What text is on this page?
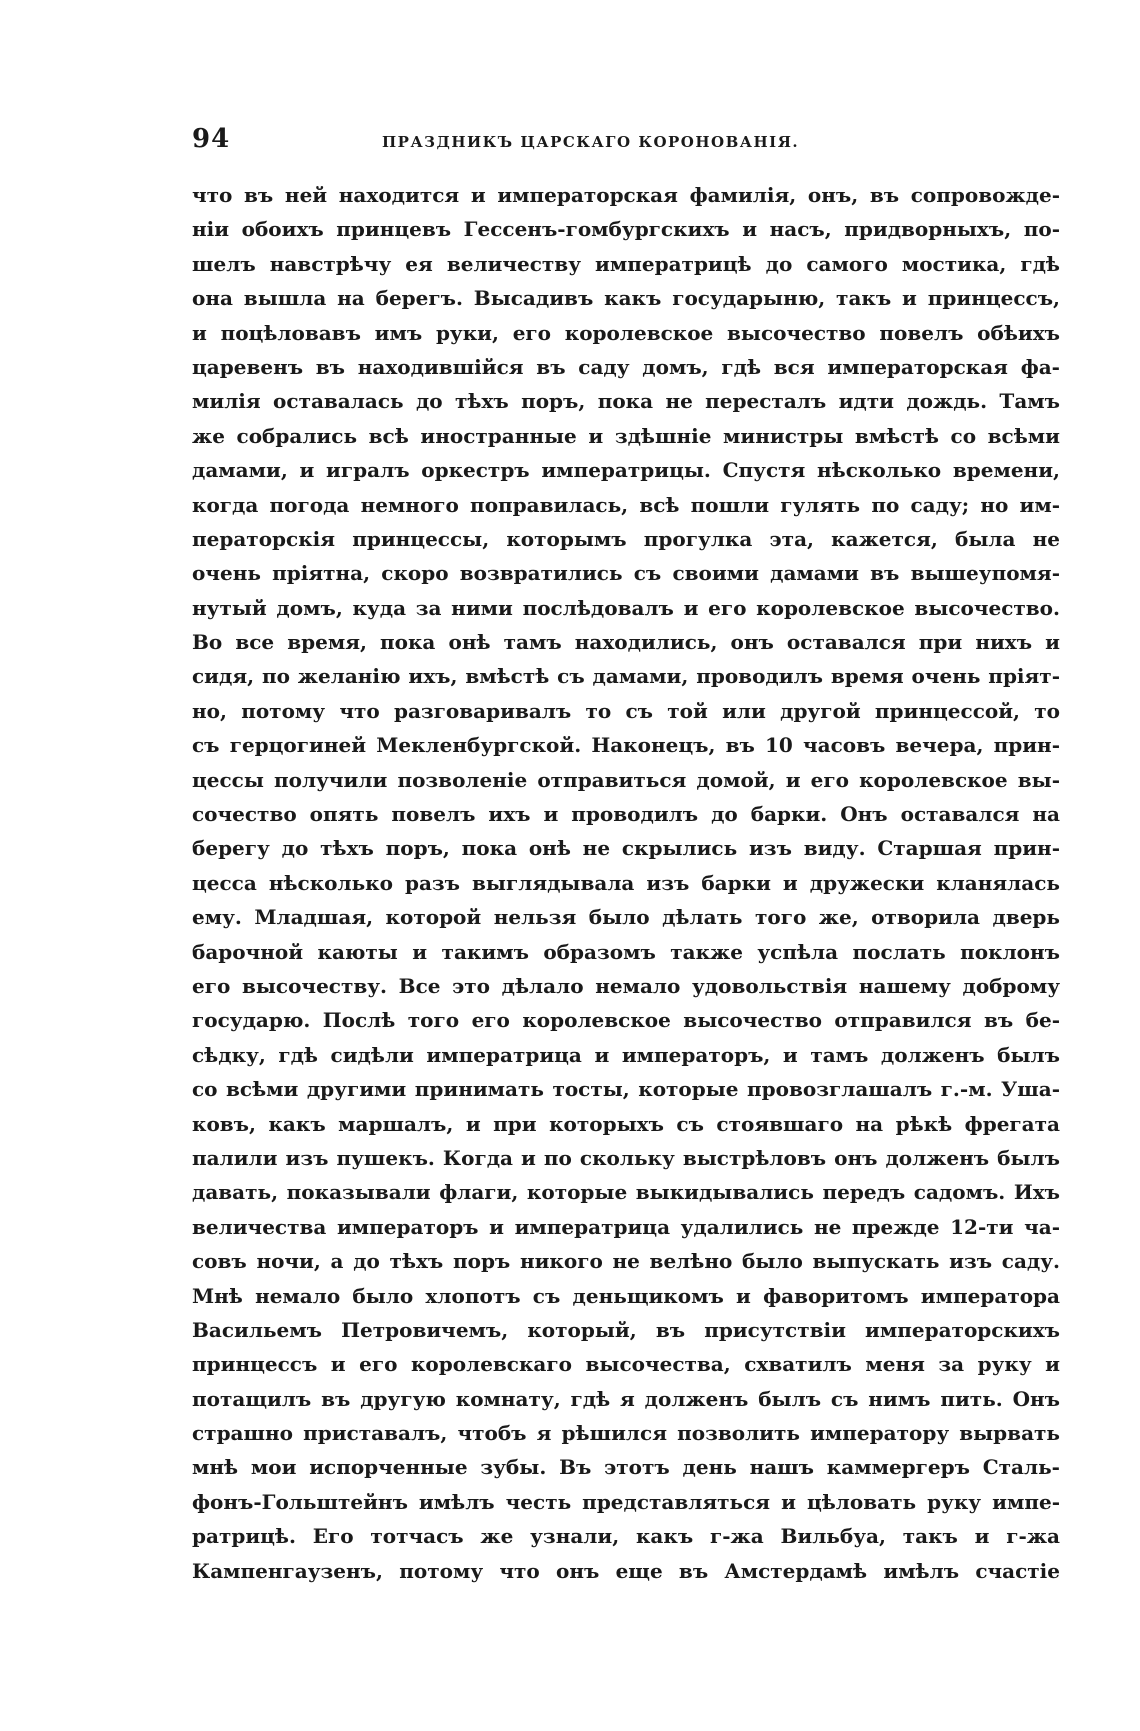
94	ПРАЗДНИКЪ ЦАРСКАГО КОРОНОВАНІЯ.
что въ ней находится и императорская фамилія, онъ, въ сопровожде-
ніи обоихъ принцевъ Гессенъ-гомбургскихъ и насъ, придворныхъ, по-
шелъ навстрѣчу ея величеству императрицѣ до самого мостика, гдѣ
она вышла на берегъ. Высадивъ какъ государыню, такъ и принцессъ,
и поцѣловавъ имъ руки, его королевское высочество повелъ обѣихъ
царевенъ въ находившійся въ саду домъ, гдѣ вся императорская фа-
милія оставалась до тѣхъ поръ, пока не пересталъ идти дождь. Тамъ
же собрались всѣ иностранные и здѣшніе министры вмѣстѣ со всѣми
дамами, и игралъ оркестръ императрицы. Спустя нѣсколько времени,
когда погода немного поправилась, всѣ пошли гулять по саду; но им-
ператорскія принцессы, которымъ прогулка эта, кажется, была не
очень пріятна, скоро возвратились съ своими дамами въ вышеупомя-
нутый домъ, куда за ними послѣдовалъ и его королевское высочество.
Во все время, пока онѣ тамъ находились, онъ оставался при нихъ и
сидя, по желанію ихъ, вмѣстѣ съ дамами, проводилъ время очень пріят-
но, потому что разговаривалъ то съ той или другой принцессой, то
съ герцогиней Мекленбургской. Наконецъ, въ 10 часовъ вечера, прин-
цессы получили позволеніе отправиться домой, и его королевское вы-
сочество опять повелъ ихъ и проводилъ до барки. Онъ оставался на
берегу до тѣхъ поръ, пока онѣ не скрылись изъ виду. Старшая прин-
цесса нѣсколько разъ выглядывала изъ барки и дружески кланялась
ему. Младшая, которой нельзя было дѣлать того же, отворила дверь
барочной каюты и такимъ образомъ также успѣла послать поклонъ
его высочеству. Все это дѣлало немало удовольствія нашему доброму
государю. Послѣ того его королевское высочество отправился въ бе-
сѣдку, гдѣ сидѣли императрица и императоръ, и тамъ долженъ былъ
со всѣми другими принимать тосты, которые провозглашалъ г.-м. Уша-
ковъ, какъ маршалъ, и при которыхъ съ стоявшаго на рѣкѣ фрегата
палили изъ пушекъ. Когда и по скольку выстрѣловъ онъ долженъ былъ
давать, показывали флаги, которые выкидывались передъ садомъ. Ихъ
величества императоръ и императрица удалились не прежде 12-ти ча-
совъ ночи, а до тѣхъ поръ никого не велѣно было выпускать изъ саду.
Мнѣ немало было хлопотъ съ деньщикомъ и фаворитомъ императора
Васильемъ Петровичемъ, который, въ присутствіи императорскихъ
принцессъ и его королевскаго высочества, схватилъ меня за руку и
потащилъ въ другую комнату, гдѣ я долженъ былъ съ нимъ пить. Онъ
страшно приставалъ, чтобъ я рѣшился позволить императору вырвать
мнѣ мои испорченные зубы. Въ этотъ день нашъ каммергеръ Сталь-
фонъ-Гольштейнъ имѣлъ честь представляться и цѣловать руку импе-
ратрицѣ. Его тотчасъ же узнали, какъ г-жа Вильбуа, такъ и г-жа
Кампенгаузенъ, потому что онъ еще въ Амстердамѣ имѣлъ счастіе
